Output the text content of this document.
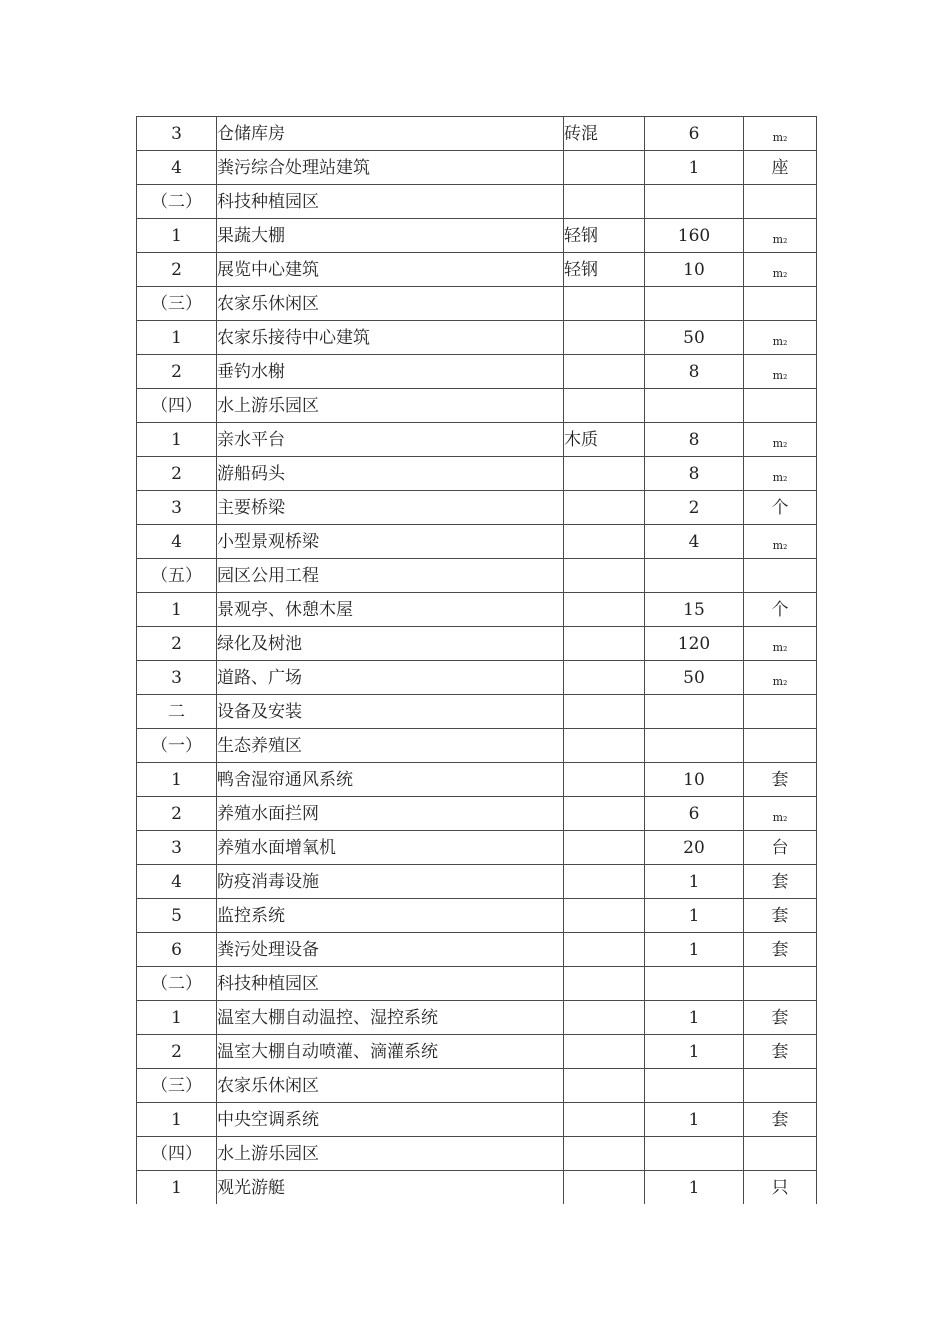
3	仓储库房	砖混	6	m₂
4	粪污综合处理站建筑		1	座
（二）	科技种植园区			
1	果蔬大棚	轻钢	160	m₂
2	展览中心建筑	轻钢	10	m₂
（三）	农家乐休闲区			
1	农家乐接待中心建筑		50	m₂
2	垂钓水榭		8	m₂
（四）	水上游乐园区			
1	亲水平台	木质	8	m₂
2	游船码头		8	m₂
3	主要桥梁		2	个
4	小型景观桥梁		4	m₂
（五）	园区公用工程			
1	景观亭、休憩木屋		15	个
2	绿化及树池		120	m₂
3	道路、广场		50	m₂
二	设备及安装			
（一）	生态养殖区			
1	鸭舍湿帘通风系统		10	套
2	养殖水面拦网		6	m₂
3	养殖水面增氧机		20	台
4	防疫消毒设施		1	套
5	监控系统		1	套
6	粪污处理设备		1	套
（二）	科技种植园区			
1	温室大棚自动温控、湿控系统		1	套
2	温室大棚自动喷灌、滴灌系统		1	套
（三）	农家乐休闲区			
1	中央空调系统		1	套
（四）	水上游乐园区			
1	观光游艇		1	只
